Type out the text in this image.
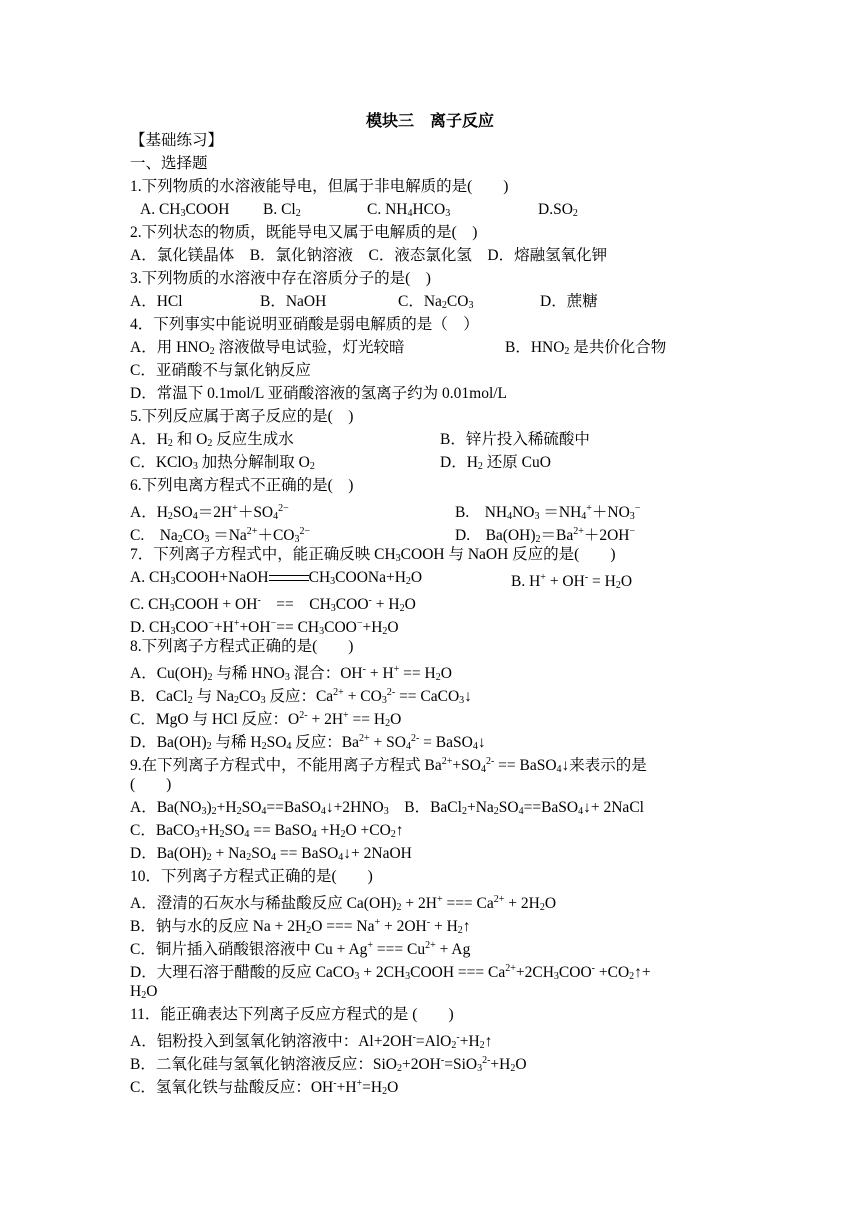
模块三　离子反应
【基础练习】
一、选择题
1.下列物质的水溶液能导电，但属于非电解质的是(　　)
A. $CH_3COOH$ B. $Cl_2$	C. $NH_4HCO_3$	$D.SO_2$
2.下列状态的物质，既能导电又属于电解质的是(　)
A．氯化镁晶体　B．氯化钠溶液　C．液态氯化氢　D．熔融氢氧化钾
3.下列物质的水溶液中存在溶质分子的是(　)
A．HCl	B．NaOH	C．$Na_2CO_3$	D．蔗糖
4．下列事实中能说明亚硝酸是弱电解质的是（　）
A．用 $HNO_2$ 溶液做导电试验，灯光较暗	B．$HNO_2$ 是共价化合物
C．亚硝酸不与氯化钠反应
D．常温下 0.1mol/L 亚硝酸溶液的氢离子约为 0.01mol/L
5.下列反应属于离子反应的是(　)
A．$H_2$ 和 $O_2$ 反应生成水	B．锌片投入稀硫酸中
C．KClO$_3$ 加热分解制取 $O_2$	D．$H_2$ 还原 CuO
6.下列电离方程式不正确的是(　)
A．$H_2SO_4=2H^++SO_4^{2-}$	B.　$NH_4NO_3 =NH_4^++NO_3^-$
C.　$Na_2CO_3 =Na^{2+}+CO_3^{2-}$	D.　$Ba(OH)_2=Ba^{2+}+2OH^-$
7．下列离子方程式中，能正确反映 $CH_3COOH$ 与 NaOH 反应的是(　　)
A. $CH_3COOH+NaOH$	$CH_3COONa+H_2O$	B. $H^+ + OH^- = H_2O$
C. $CH_3COOH + OH^-$　==　$CH_3COO^- + H_2O$
D. $CH_3COO^-+H^++OH^-== CH_3COO^-+H_2O$
8.下列离子方程式正确的是(　　)
A．$Cu(OH)_2$ 与稀 $HNO_3$ 混合：$OH^- + H^+ == H_2O$
B．CaCl$_2$ 与 $Na_2CO_3$ 反应：$Ca^{2+} + CO_3^{2-}$ == CaCO$_3$↓
C．MgO 与 HCl 反应：$O^{2-} + 2H^+ == H_2O$
D．$Ba(OH)_2$ 与稀 $H_2SO_4$ 反应：$Ba^{2+} + SO_4^{2-}$ = BaSO$_4$↓
9.在下列离子方程式中，不能用离子方程式 $Ba^{2+}+SO_4^{2-}$ == BaSO$_4$↓来表示的是
(　　)
A．$Ba(NO_3)_2+H_2SO_4==BaSO_4↓+2HNO_3$　B．$BaCl_2+Na_2SO_4==BaSO_4↓+$ 2NaCl
C．$BaCO_3+H_2SO_4$ == BaSO$_4$ $+H_2O$ $+CO_2↑$
D．$Ba(OH)_2 + Na_2SO_4$ == BaSO$_4$↓+ 2NaOH
10．下列离子方程式正确的是(　　)
A．澄清的石灰水与稀盐酸反应 $Ca(OH)_2 + 2H^+$ === $Ca^{2+} + 2H_2O$
B．钠与水的反应 $Na + 2H_2O$ === $Na^+ + 2OH^- + H_2↑$
C．铜片插入硝酸银溶液中 Cu + Ag+ === $Cu^{2+} + Ag$
D．大理石溶于醋酸的反应 CaCO$_3$ + $2CH_3COOH$ === $Ca^{2+}+2CH_3COO^-$ $+CO_2↑+$
$H_2O$
11．能正确表达下列离子反应方程式的是 (　　)
A．铝粉投入到氢氧化钠溶液中：$Al+2OH^-=AlO_2^-+H_2↑$
B．二氧化硅与氢氧化钠溶液反应：$SiO_2+2OH^-=SiO_3^{2-}+H_2O$
C．氢氧化铁与盐酸反应：$OH^-+H^+=H_2O$
